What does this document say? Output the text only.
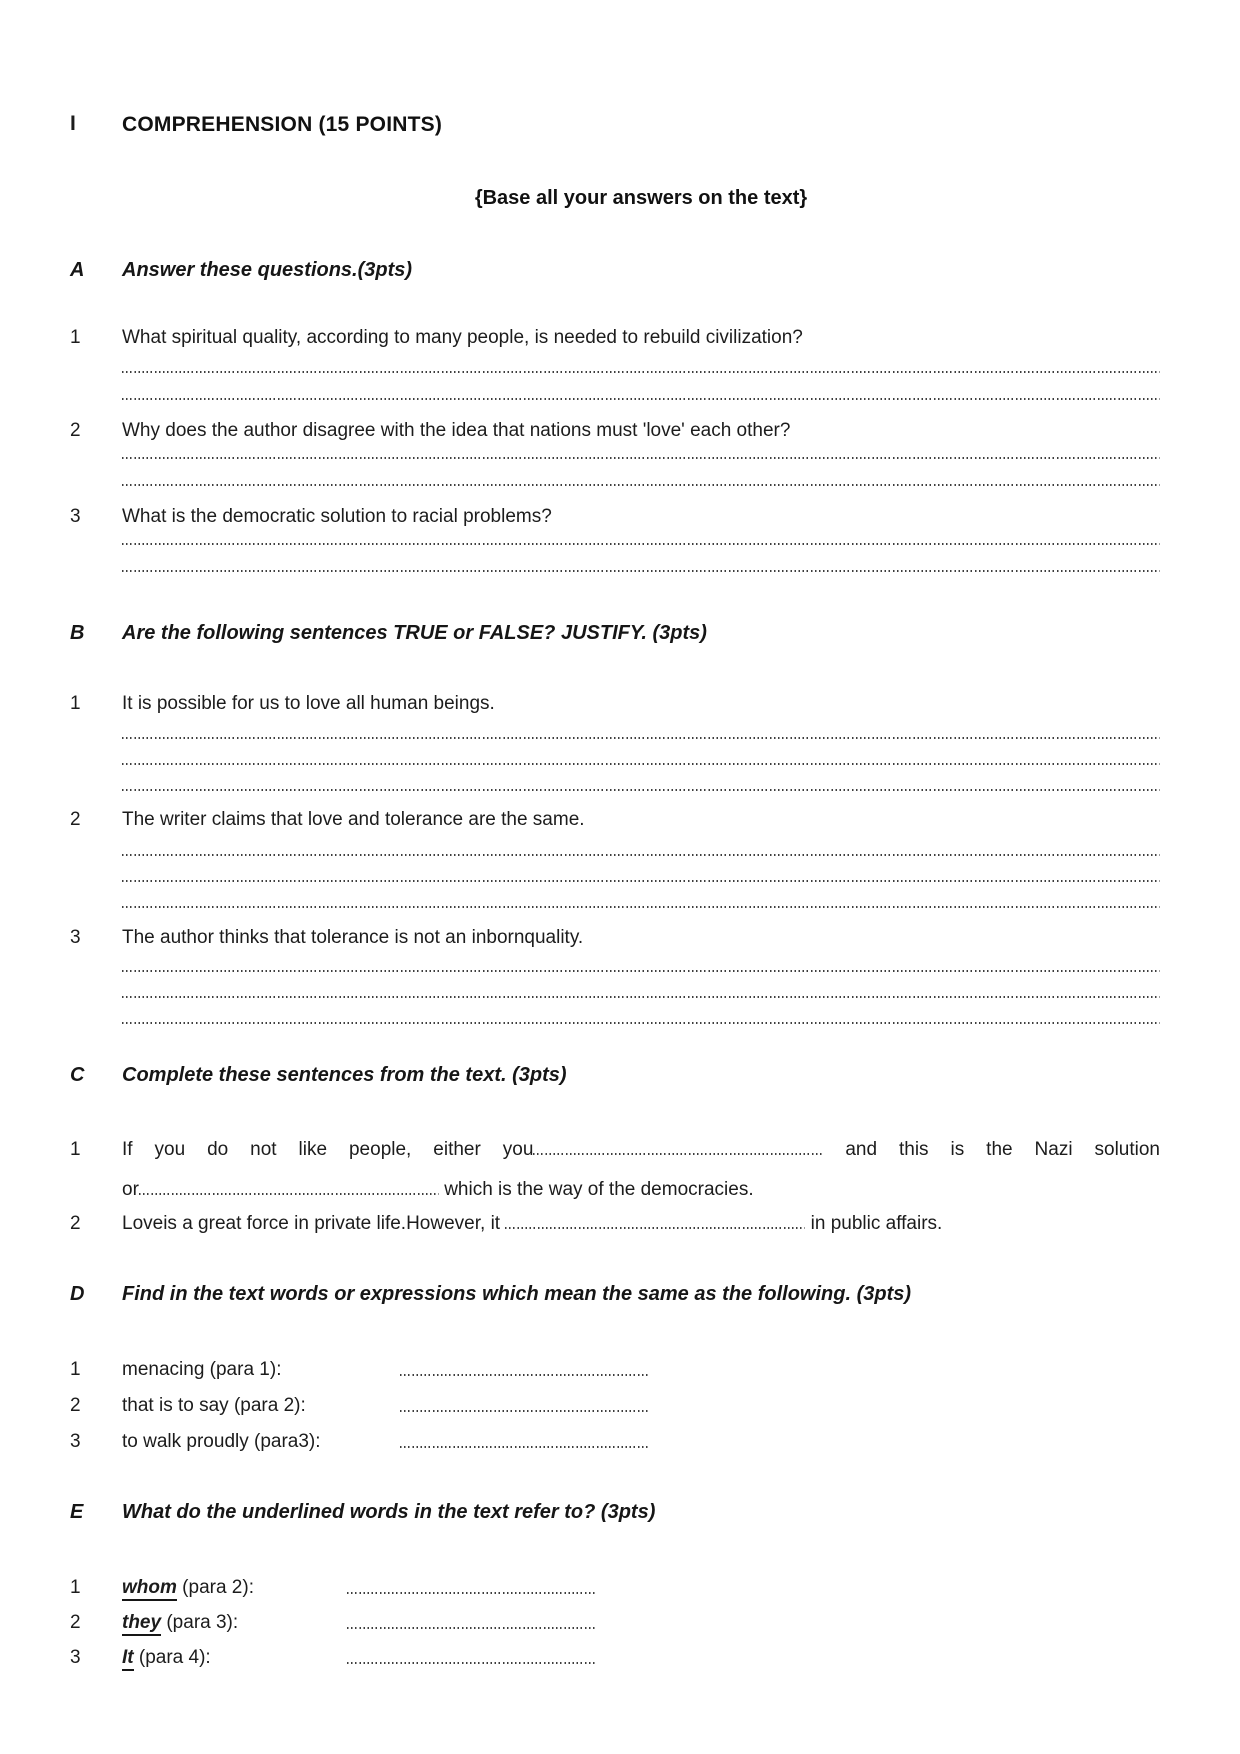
I COMPREHENSION (15 POINTS)
{Base all your answers on the text}
A Answer these questions.(3pts)
1 What spiritual quality, according to many people, is needed to rebuild civilization?
2 Why does the author disagree with the idea that nations must 'love' each other?
3 What is the democratic solution to racial problems?
B Are the following sentences TRUE or FALSE? JUSTIFY. (3pts)
1 It is possible for us to love all human beings.
2 The writer claims that love and tolerance are the same.
3 The author thinks that tolerance is not an inbornquality.
C Complete these sentences from the text. (3pts)
1 If you do not like people, either you	and this is the Nazi solution
or	which is the way of the democracies.
2 Loveis a great force in private life.However, it	in public affairs.
D Find in the text words or expressions which mean the same as the following. (3pts)
1 menacing (para 1):
2 that is to say (para 2):
3 to walk proudly (para3):
E What do the underlined words in the text refer to? (3pts)
1 whom (para 2):
2 they (para 3):
3 It (para 4):
